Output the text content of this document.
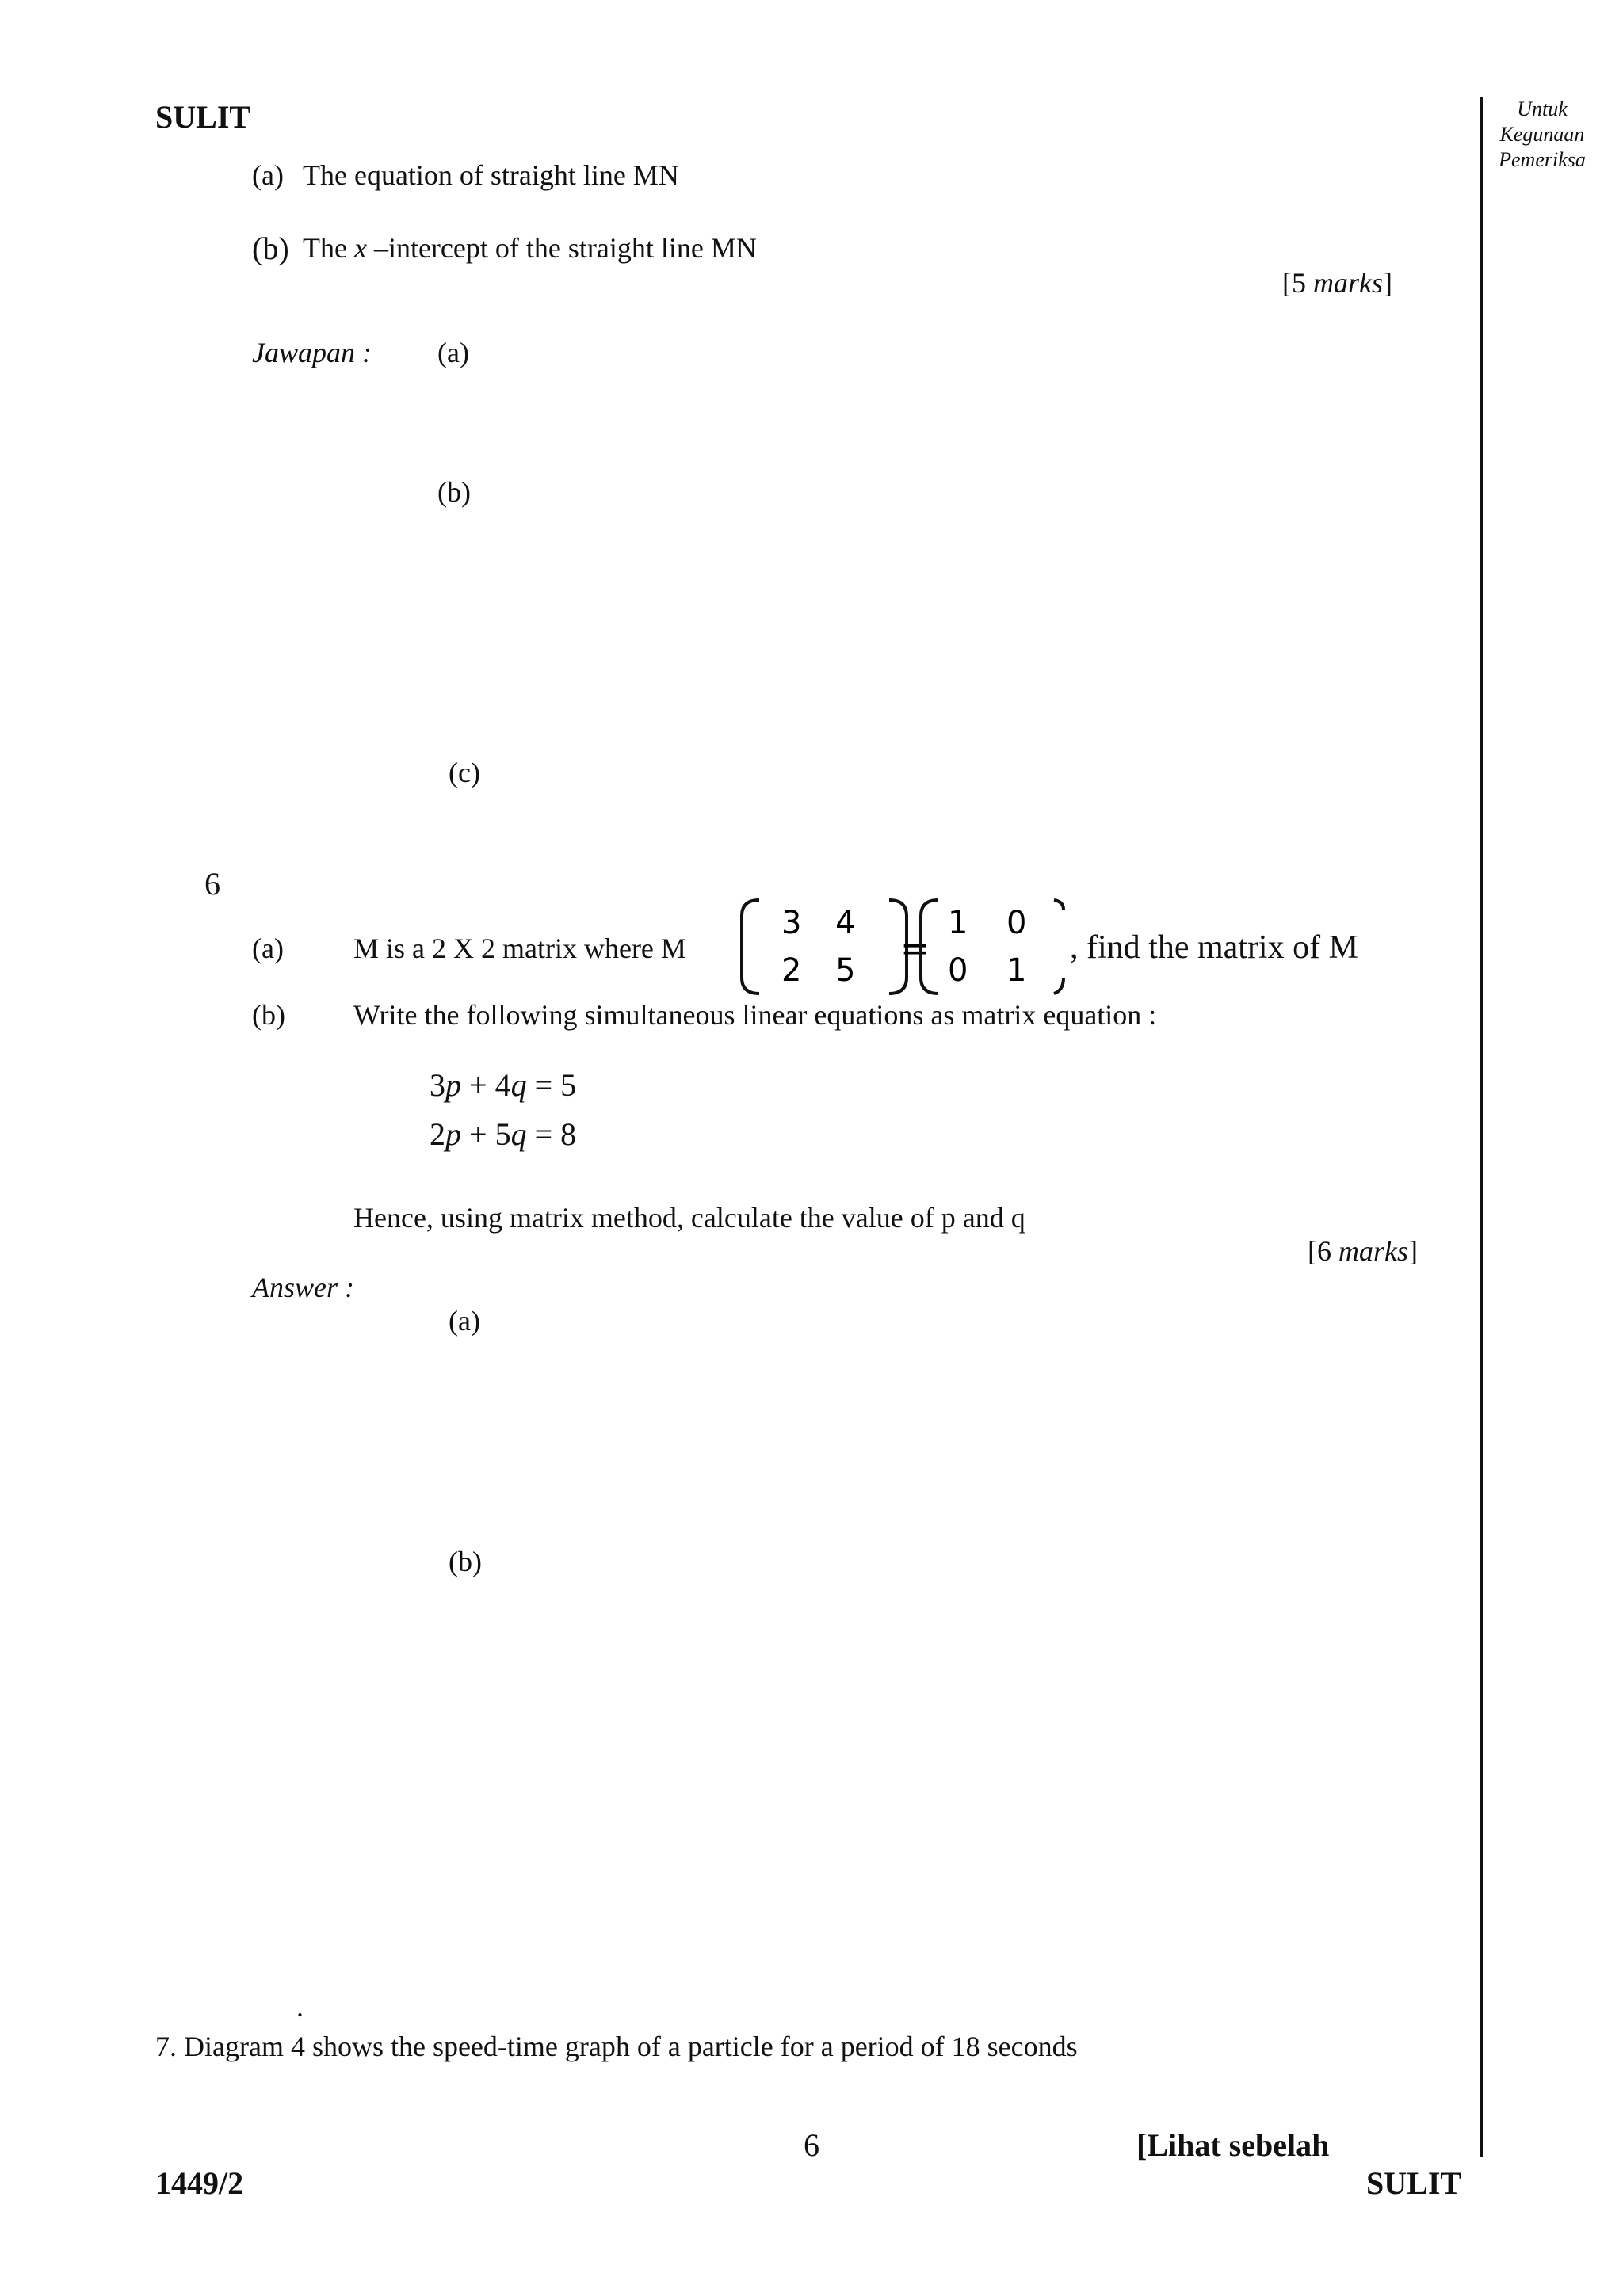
SULIT	Untuk
Kegunaan
Pemeriksa
(a) The equation of straight line MN
(b) The x –intercept of the straight line MN
[5 marks]
Jawapan : (a)
(b)
(c)
6
(a) M is a 2 X 2 matrix where M
3 4
2 5
=
1 0
0 1
, find the matrix of M
(b) Write the following simultaneous linear equations as matrix equation :
3p + 4q = 5
2p + 5q = 8
Hence, using matrix method, calculate the value of p and q
[6 marks]
Answer :
(a)
(b)
.
7. Diagram 4 shows the speed-time graph of a particle for a period of 18 seconds
6	[Lihat sebelah
1449/2	SULIT
